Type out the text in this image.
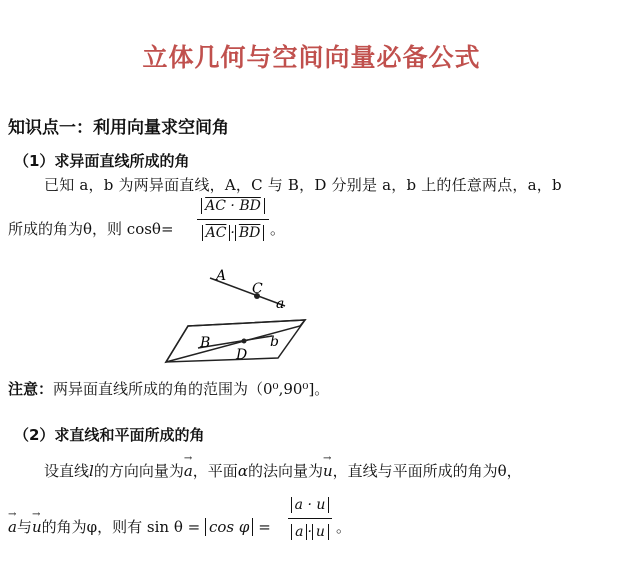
立体几何与空间向量必备公式
知识点一：利用向量求空间角
（1）求异面直线所成的角
已知 a，b 为两异面直线，A，C 与 B，D 分别是 a，b 上的任意两点，a，b
所成的角为θ，则 cosθ=
AC · BD
$\overline{AC} \cdot \overline{BD}$ 。
A
C
a
B
D
b
注意：两异面直线所成的角的范围为（0⁰,90⁰]。
（2）求直线和平面所成的角
设直线l的方向向量为→ a，平面α的法向量为→ u，直线与平面所成的角为θ，
→ a与→ u的角为φ，则有 sin θ = cos φ =
a · u
a · u 。
